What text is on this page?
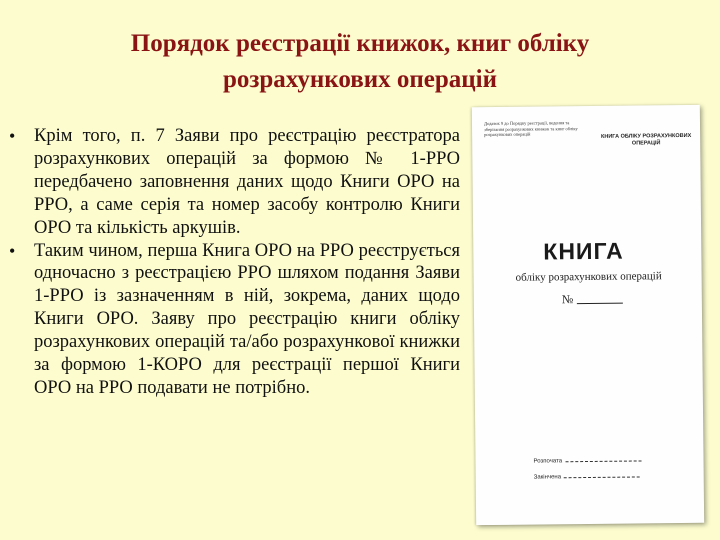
Порядок реєстрації книжок, книг обліку
розрахункових операцій
• Крім того, п. 7 Заяви про реєстрацію реєстратора розрахункових операцій за формою № 1-РРО передбачено заповнення даних щодо Книги ОРО на РРО, а саме серія та номер засобу контролю Книги ОРО та кількість аркушів.
• Таким чином, перша Книга ОРО на РРО реєструється одночасно з реєстрацією РРО шляхом подання Заяви 1-РРО із зазначенням в ній, зокрема, даних щодо Книги ОРО. Заяву про реєстрацію книги обліку розрахункових операцій та/або розрахункової книжки за формою 1-КОРО для реєстрації першої Книги ОРО на РРО подавати не потрібно.
Додаток 9 до Порядку реєстрації, ведення та зберігання розрахункових книжок та книг обліку розрахункових операцій	КНИГА ОБЛІКУ РОЗРАХУНКОВИХ ОПЕРАЦІЙ
КНИГА
обліку розрахункових операцій
№
Розпочата
Закінчена
